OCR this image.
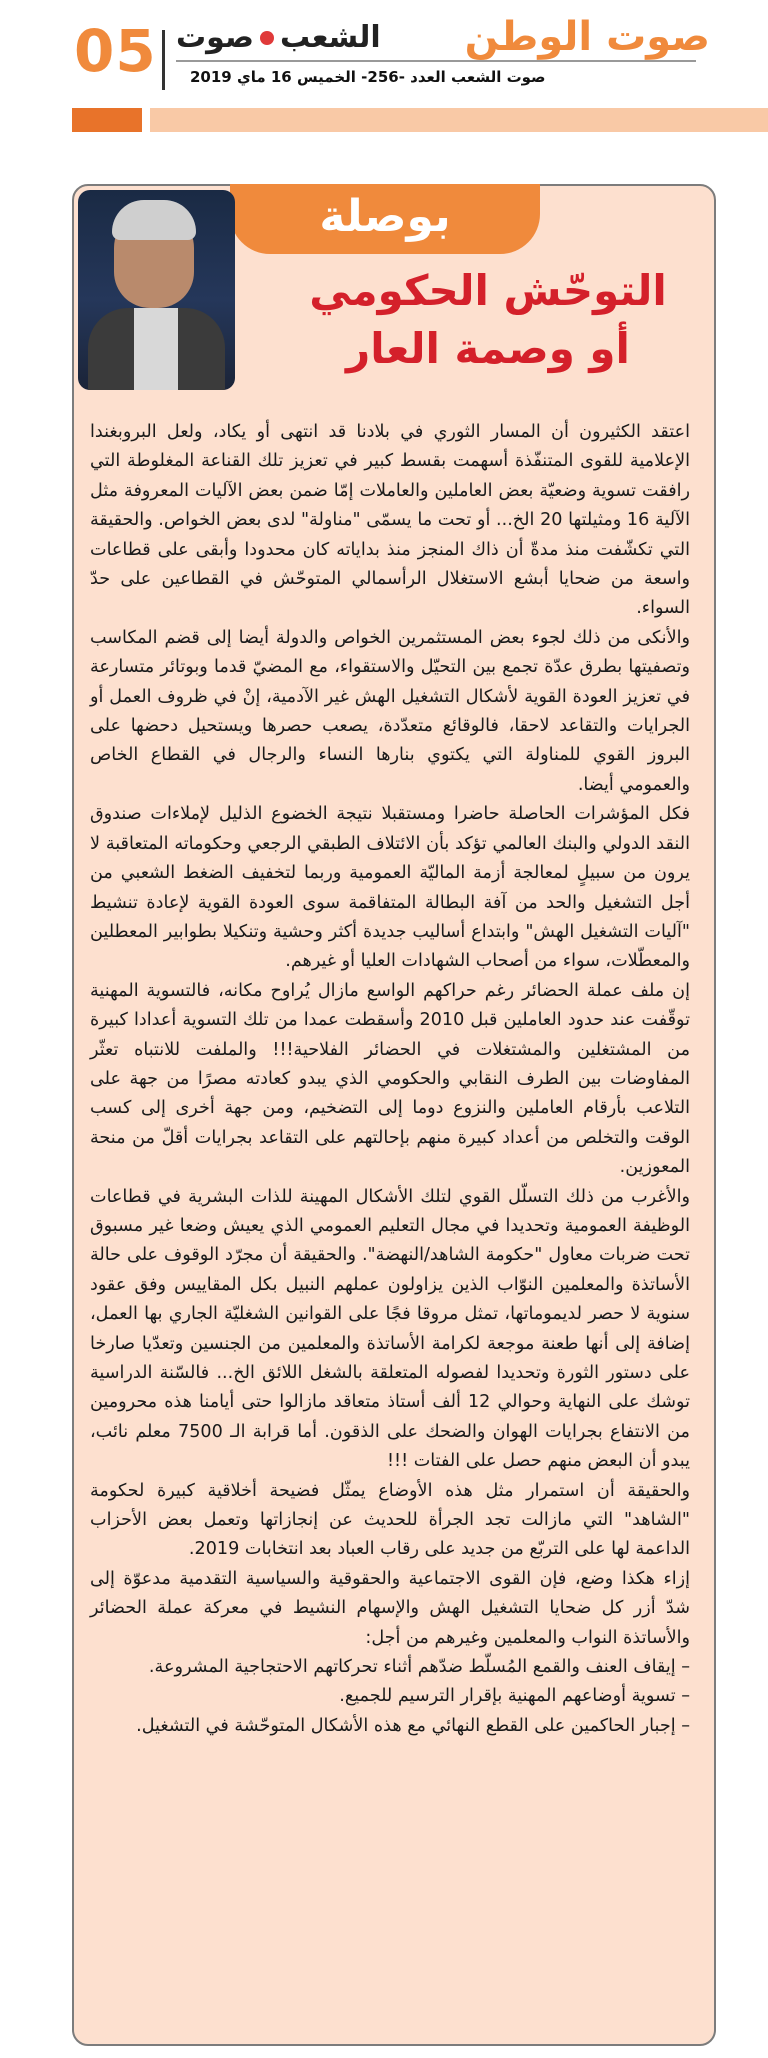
05	الشعب
صوت	صوت الوطن
صوت الشعب العدد -256- الخميس 16 ماي 2019
بوصلة
التوحّش الحكومي
أو وصمة العار

اعتقد الكثيرون أن المسار الثوري في بلادنا قد انتهى أو يكاد، ولعل البروبغندا الإعلامية للقوى المتنفّذة أسهمت بقسط كبير في تعزيز تلك القناعة المغلوطة التي رافقت تسوية وضعيّة بعض العاملين والعاملات إمّا ضمن بعض الآليات المعروفة مثل الآلية 16 ومثيلتها 20 الخ... أو تحت ما يسمّى "مناولة" لدى بعض الخواص. والحقيقة التي تكشّفت منذ مدةّ أن ذاك المنجز منذ بداياته كان محدودا وأبقى على قطاعات واسعة من ضحايا أبشع الاستغلال الرأسمالي المتوحّش في القطاعين على حدّ السواء.

والأنكى من ذلك لجوء بعض المستثمرين الخواص والدولة أيضا إلى قضم المكاسب وتصفيتها بطرق عدّة تجمع بين التحيّل والاستقواء، مع المضيّ قدما وبوتائر متسارعة في تعزيز العودة القوية لأشكال التشغيل الهش غير الآدمية، إنْ في ظروف العمل أو الجرايات والتقاعد لاحقا، فالوقائع متعدّدة، يصعب حصرها ويستحيل دحضها على البروز القوي للمناولة التي يكتوي بنارها النساء والرجال في القطاع الخاص والعمومي أيضا.

فكل المؤشرات الحاصلة حاضرا ومستقبلا نتيجة الخضوع الذليل لإملاءات صندوق النقد الدولي والبنك العالمي تؤكد بأن الائتلاف الطبقي الرجعي وحكوماته المتعاقبة لا يرون من سبيلٍ لمعالجة أزمة الماليّة العمومية وربما لتخفيف الضغط الشعبي من أجل التشغيل والحد من آفة البطالة المتفاقمة سوى العودة القوية لإعادة تنشيط "آليات التشغيل الهش" وابتداع أساليب جديدة أكثر وحشية وتنكيلا بطوابير المعطلين والمعطّلات، سواء من أصحاب الشهادات العليا أو غيرهم.

إن ملف عملة الحضائر رغم حراكهم الواسع مازال يُراوح مكانه، فالتسوية المهنية توقّفت عند حدود العاملين قبل 2010 وأسقطت عمدا من تلك التسوية أعدادا كبيرة من المشتغلين والمشتغلات في الحضائر الفلاحية!!! والملفت للانتباه تعثّر المفاوضات بين الطرف النقابي والحكومي الذي يبدو كعادته مصرًا من جهة على التلاعب بأرقام العاملين والنزوع دوما إلى التضخيم، ومن جهة أخرى إلى كسب الوقت والتخلص من أعداد كبيرة منهم بإحالتهم على التقاعد بجرايات أقلّ من منحة المعوزين.

والأغرب من ذلك التسلّل القوي لتلك الأشكال المهينة للذات البشرية في قطاعات الوظيفة العمومية وتحديدا في مجال التعليم العمومي الذي يعيش وضعا غير مسبوق تحت ضربات معاول "حكومة الشاهد/النهضة". والحقيقة أن مجرّد الوقوف على حالة الأساتذة والمعلمين النوّاب الذين يزاولون عملهم النبيل بكل المقاييس وفق عقود سنوية لا حصر لديموماتها، تمثل مروقا فجًا على القوانين الشغليّة الجاري بها العمل، إضافة إلى أنها طعنة موجعة لكرامة الأساتذة والمعلمين من الجنسين وتعدّيا صارخا على دستور الثورة وتحديدا لفصوله المتعلقة بالشغل اللائق الخ... فالسّنة الدراسية توشك على النهاية وحوالي 12 ألف أستاذ متعاقد مازالوا حتى أيامنا هذه محرومين من الانتفاع بجرايات الهوان والضحك على الذقون. أما قرابة الـ 7500 معلم نائب، يبدو أن البعض منهم حصل على الفتات !!!

والحقيقة أن استمرار مثل هذه الأوضاع يمثّل فضيحة أخلاقية كبيرة لحكومة "الشاهد" التي مازالت تجد الجرأة للحديث عن إنجازاتها وتعمل بعض الأحزاب الداعمة لها على التربّع من جديد على رقاب العباد بعد انتخابات 2019.

إزاء هكذا وضع، فإن القوى الاجتماعية والحقوقية والسياسية التقدمية مدعوّة إلى شدّ أزر كل ضحايا التشغيل الهش والإسهام النشيط في معركة عملة الحضائر والأساتذة النواب والمعلمين وغيرهم من أجل:

– إيقاف العنف والقمع المُسلّط ضدّهم أثناء تحركاتهم الاحتجاجية المشروعة.
– تسوية أوضاعهم المهنية بإقرار الترسيم للجميع.
– إجبار الحاكمين على القطع النهائي مع هذه الأشكال المتوحّشة في التشغيل.
